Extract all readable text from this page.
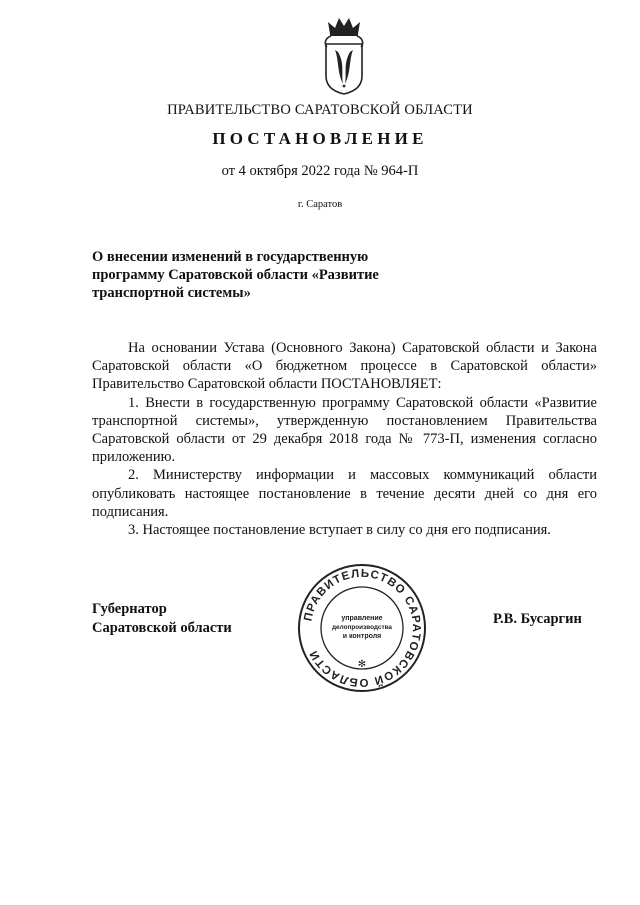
ПРАВИТЕЛЬСТВО САРАТОВСКОЙ ОБЛАСТИ
ПОСТАНОВЛЕНИЕ
от 4 октября 2022 года № 964-П
г. Саратов
О внесении изменений в государственную
программу Саратовской области «Развитие
транспортной системы»

На основании Устава (Основного Закона) Саратовской области и Закона Саратовской области «О бюджетном процессе в Саратовской области» Правительство Саратовской области ПОСТАНОВЛЯЕТ:

1. Внести в государственную программу Саратовской области «Развитие транспортной системы», утвержденную постановлением Правительства Саратовской области от 29 декабря 2018 года № 773-П, изменения согласно приложению.

2. Министерству информации и массовых коммуникаций области опубликовать настоящее постановление в течение десяти дней со дня его подписания.

3. Настоящее постановление вступает в силу со дня его подписания.

Губернатор
Саратовской области
Р.В. Бусаргин
ПРАВИТЕЛЬСТВО САРАТОВСКОЙ ОБЛАСТИ
управление
делопроизводства
и контроля
✻
